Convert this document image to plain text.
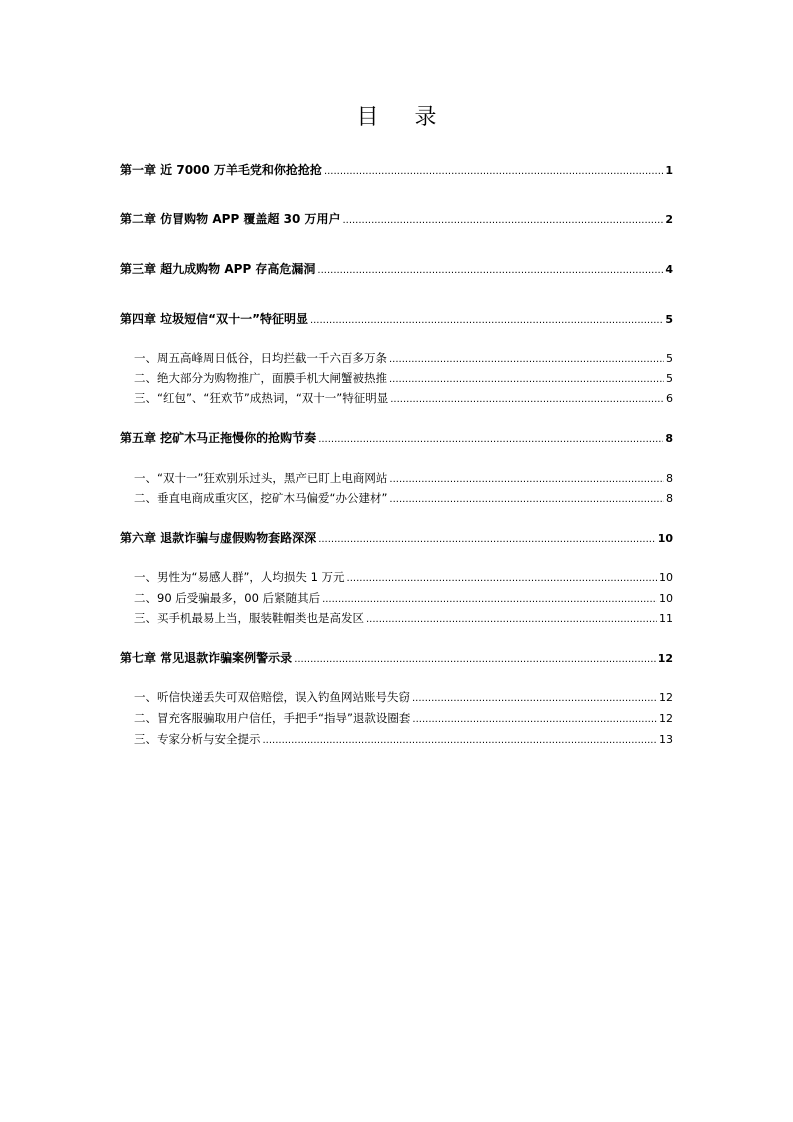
目 录
第一章 近 7000 万羊毛党和你抢抢抢 .....	1
第二章 仿冒购物 APP 覆盖超 30 万用户 .....	2
第三章 超九成购物 APP 存高危漏洞 .....	4
第四章 垃圾短信“双十一”特征明显 .....	5
一、周五高峰周日低谷，日均拦截一千六百多万条 .....	5
二、绝大部分为购物推广，面膜手机大闸蟹被热推 .....	5
三、“红包”、“狂欢节”成热词，“双十一”特征明显 .....	6
第五章 挖矿木马正拖慢你的抢购节奏 .....	8
一、“双十一”狂欢别乐过头，黑产已盯上电商网站 .....	8
二、垂直电商成重灾区，挖矿木马偏爱“办公建材” .....	8
第六章 退款诈骗与虚假购物套路深深 .....	10
一、男性为“易感人群”，人均损失 1 万元 .....	10
二、90 后受骗最多，00 后紧随其后 .....	10
三、买手机最易上当，服装鞋帽类也是高发区 .....	11
第七章 常见退款诈骗案例警示录 .....	12
一、听信快递丢失可双倍赔偿，误入钓鱼网站账号失窃 .....	12
二、冒充客服骗取用户信任，手把手“指导”退款设圈套 .....	12
三、专家分析与安全提示 .....	13
